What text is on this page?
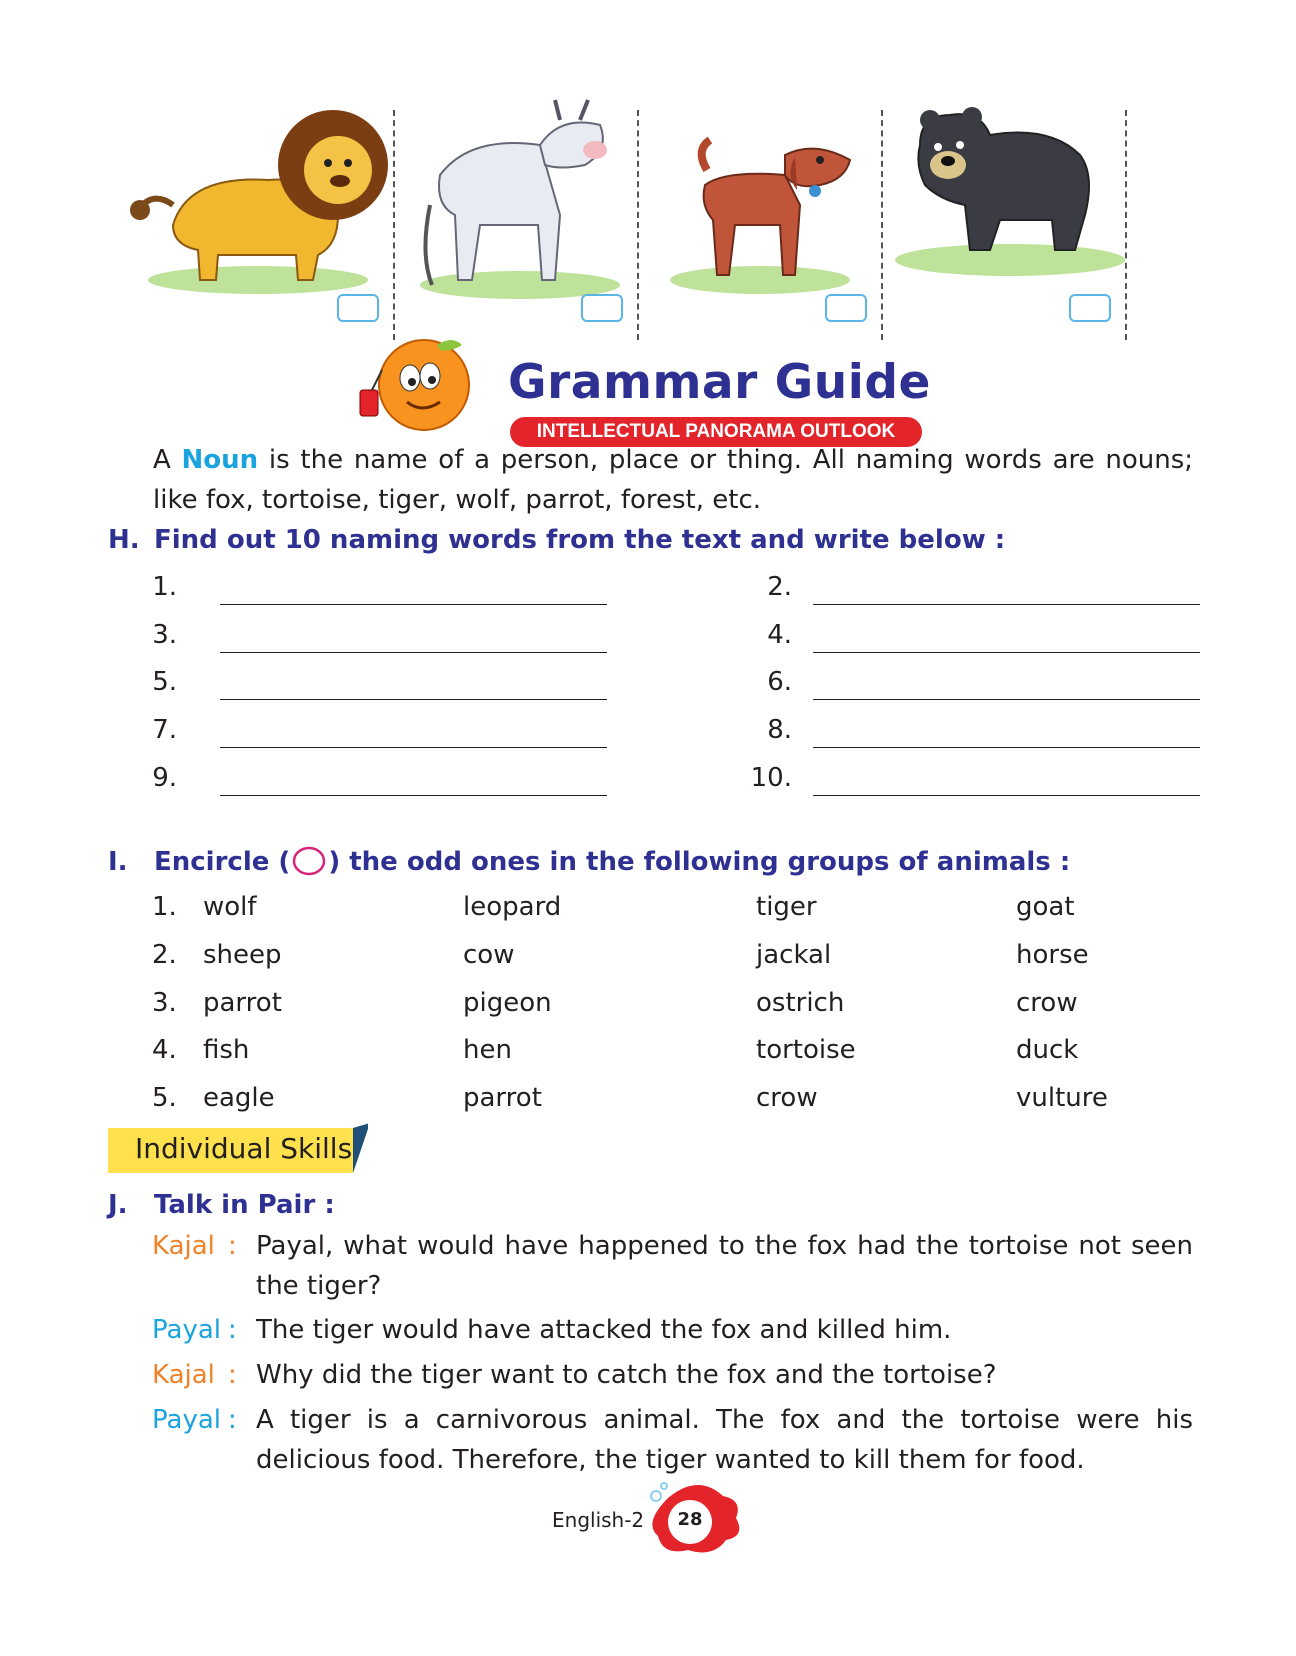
Grammar Guide
INTELLECTUAL PANORAMA OUTLOOK
A Noun is the name of a person, place or thing. All naming words are nouns; like fox, tortoise, tiger, wolf, parrot, forest, etc.
H. Find out 10 naming words from the text and write below :
1.	2.
3.	4.
5.	6.
7.	8.
9.	10.
I. Encircle ( ) the odd ones in the following groups of animals :
1. wolf	leopard	tiger	goat
2. sheep	cow	jackal	horse
3. parrot	pigeon	ostrich	crow
4. fish	hen	tortoise	duck
5. eagle	parrot	crow	vulture
Individual Skills
J. Talk in Pair :
Kajal : Payal, what would have happened to the fox had the tortoise not seen the tiger?
Payal : The tiger would have attacked the fox and killed him.
Kajal : Why did the tiger want to catch the fox and the tortoise?
Payal : A tiger is a carnivorous animal. The fox and the tortoise were his delicious food. Therefore, the tiger wanted to kill them for food.
English-2	28
